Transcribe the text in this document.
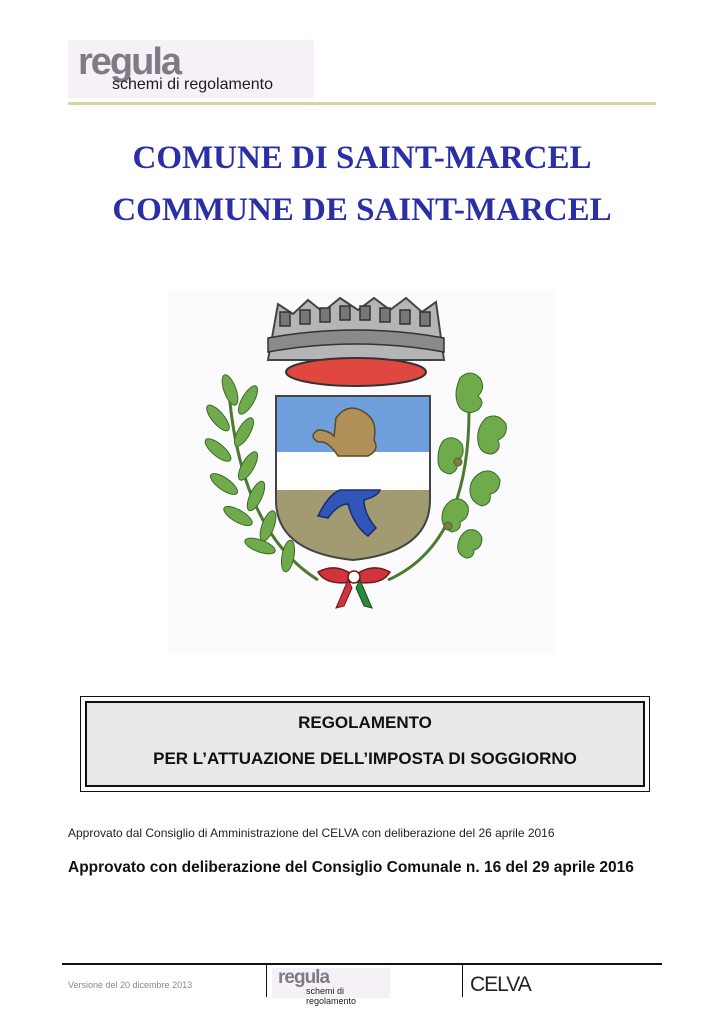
regula
schemi di regolamento
COMUNE DI SAINT-MARCEL
COMMUNE DE SAINT-MARCEL
REGOLAMENTO
PER L’ATTUAZIONE DELL’IMPOSTA DI SOGGIORNO
Approvato dal Consiglio di Amministrazione del CELVA con deliberazione del 26 aprile 2016
Approvato con deliberazione del Consiglio Comunale n. 16 del 29 aprile 2016
Versione del 20 dicembre 2013	regula
schemi di regolamento
CELVA
